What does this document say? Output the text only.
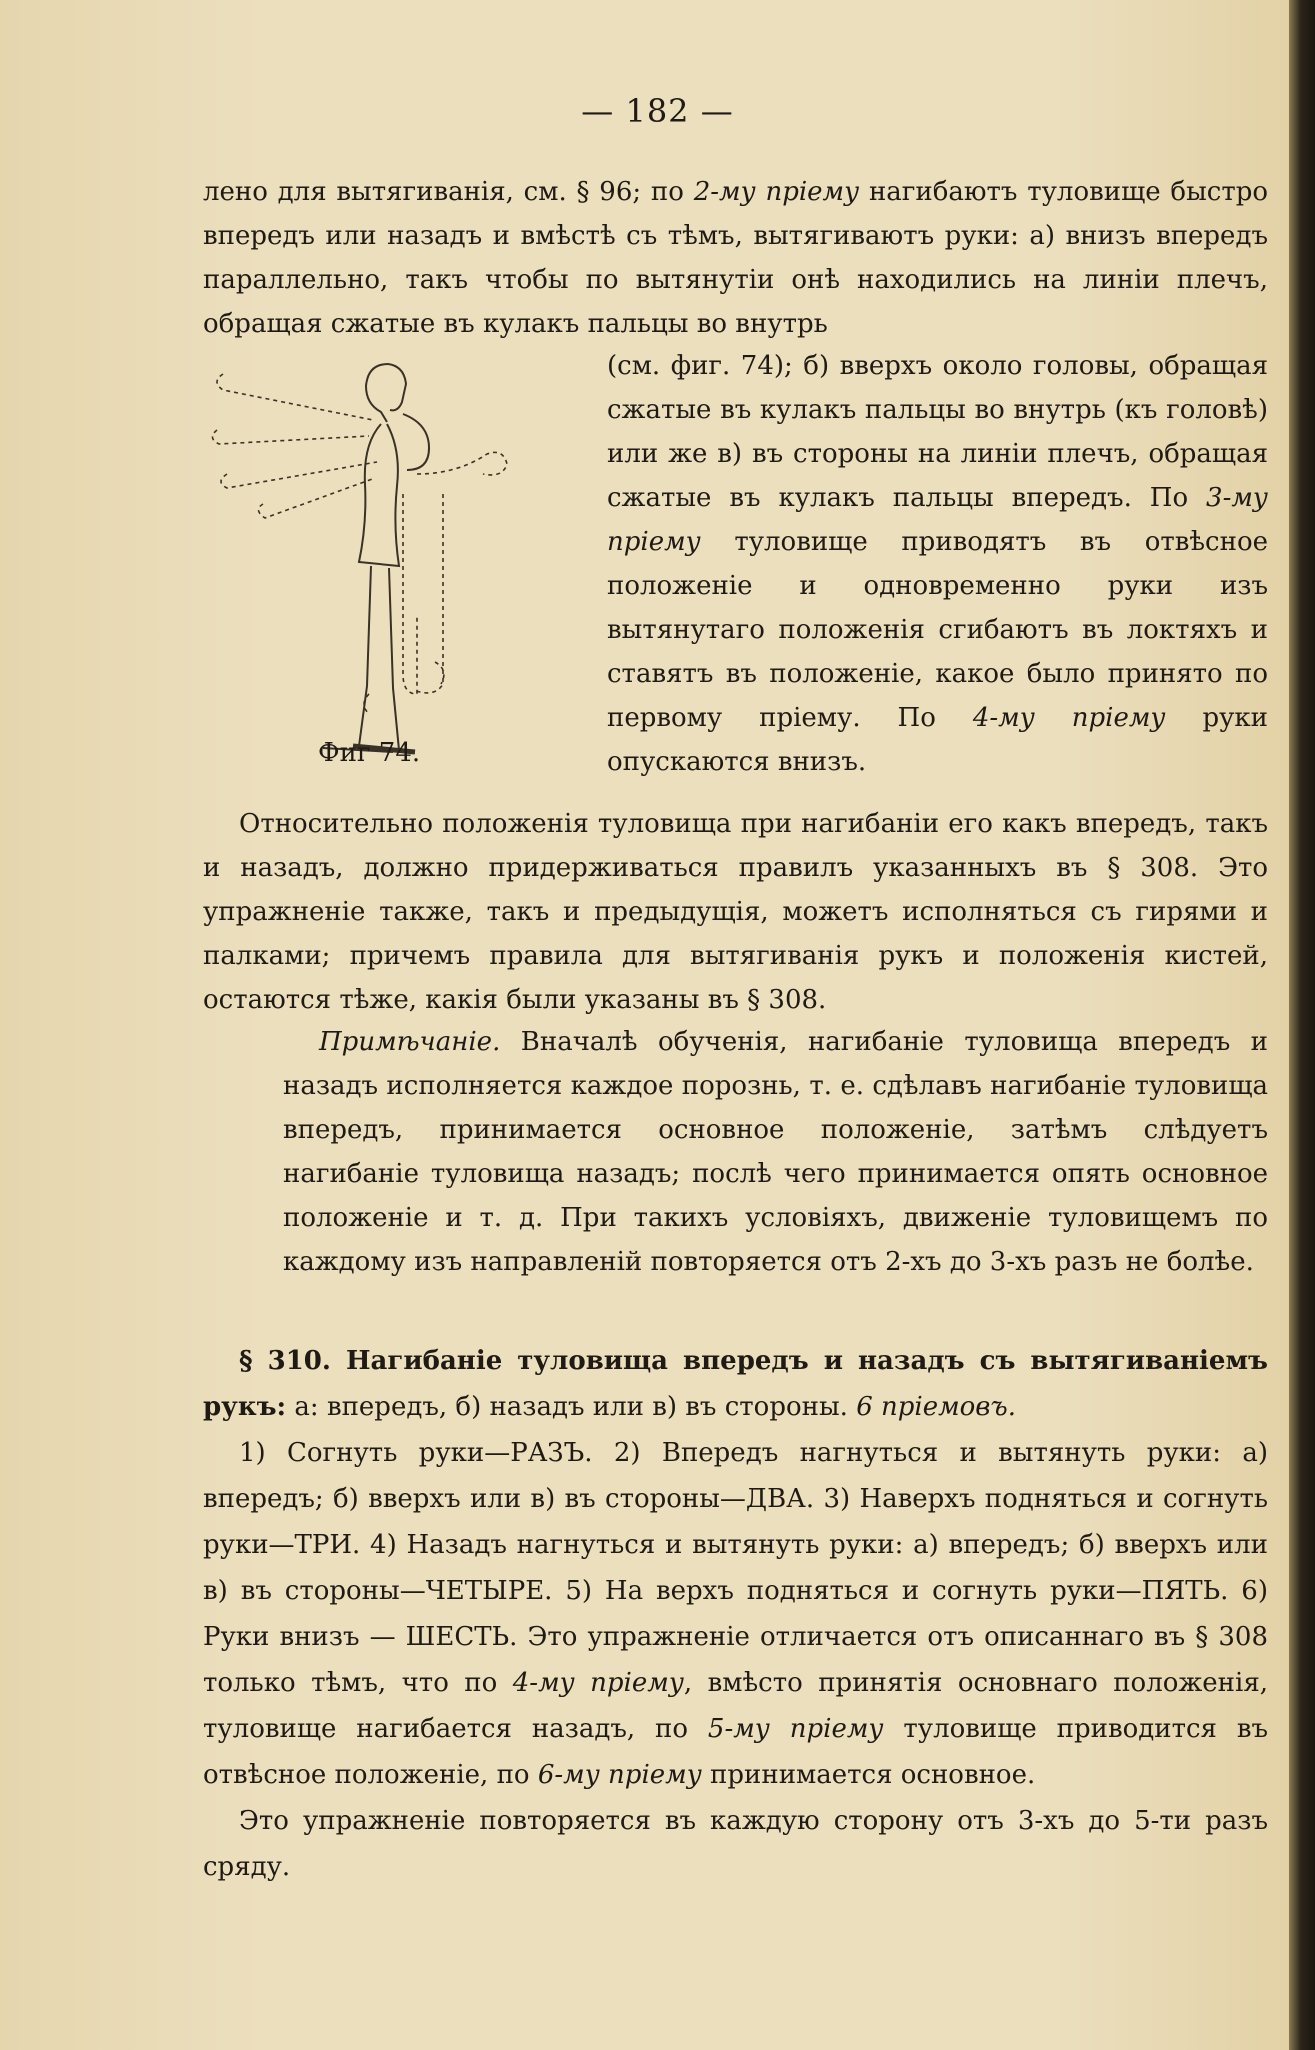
— 182 —

лено для вытягиванія, см. § 96; по 2-му пріему нагибаютъ туловище быстро впередъ или назадъ и вмѣстѣ съ тѣмъ, вытягиваютъ руки: а) внизъ впередъ параллельно, такъ чтобы по вытянутіи онѣ находились на линіи плечъ, обращая сжатые въ кулакъ пальцы во внутрь

Фиг 74.

(см. фиг. 74); б) вверхъ около головы, обращая сжатые въ кулакъ пальцы во внутрь (къ головѣ) или же в) въ стороны на линіи плечъ, обращая сжатые въ кулакъ пальцы впередъ. По 3-му пріему туловище приводятъ въ отвѣсное положеніе и одновременно руки изъ вытянутаго положенія сгибаютъ въ локтяхъ и ставятъ въ положеніе, какое было принято по первому пріему. По 4-му пріему руки опускаются внизъ.

Относительно положенія туловища при нагибаніи его какъ впередъ, такъ и назадъ, должно придерживаться правилъ указанныхъ въ § 308. Это упражненіе также, такъ и предыдущія, можетъ исполняться съ гирями и палками; причемъ правила для вытягиванія рукъ и положенія кистей, остаются тѣже, какія были указаны въ § 308.

Примѣчаніе. Вначалѣ обученія, нагибаніе туловища впередъ и назадъ исполняется каждое порознь, т. е. сдѣлавъ нагибаніе туловища впередъ, принимается основное положеніе, затѣмъ слѣдуетъ нагибаніе туловища назадъ; послѣ чего принимается опять основное положеніе и т. д. При такихъ условіяхъ, движеніе туловищемъ по каждому изъ направленій повторяется отъ 2-хъ до 3-хъ разъ не болѣе.

§ 310. Нагибаніе туловища впередъ и назадъ съ вытягиваніемъ рукъ: а: впередъ, б) назадъ или в) въ стороны. 6 пріемовъ.

1) Согнуть руки—РАЗЪ. 2) Впередъ нагнуться и вытянуть руки: а) впередъ; б) вверхъ или в) въ стороны—ДВА. 3) Наверхъ подняться и согнуть руки—ТРИ. 4) Назадъ нагнуться и вытянуть руки: а) впередъ; б) вверхъ или в) въ стороны—ЧЕТЫРЕ. 5) На верхъ подняться и согнуть руки—ПЯТЬ. 6) Руки внизъ — ШЕСТЬ. Это упражненіе отличается отъ описаннаго въ § 308 только тѣмъ, что по 4-му пріему, вмѣсто принятія основнаго положенія, туловище нагибается назадъ, по 5-му пріему туловище приводится въ отвѣсное положеніе, по 6-му пріему принимается основное.

Это упражненіе повторяется въ каждую сторону отъ 3-хъ до 5-ти разъ сряду.
